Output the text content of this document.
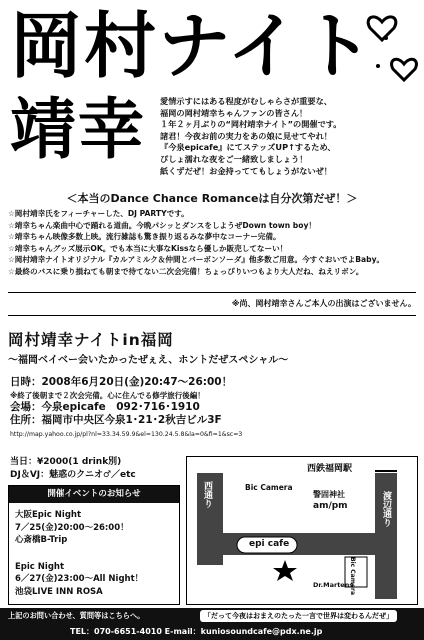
岡村ナイト
靖幸 愛情示すにはある程度がむしゃらさが重要な、
福岡の岡村靖幸ちゃんファンの皆さん！
１年２ヶ月ぶりの“岡村靖幸ナイト”の開催です。
諸君！今夜お前の実力をあの娘に見せてやれ！
『今泉epicafe』にてステッズUP↑するため、
ぴしょ濡れな夜をご一緒致しましょう！
紙くずだぜ！お金持っててもしょうがないぜ！
＜本当のDance Chance Romanceは自分次第だぜ！＞
☆岡村靖幸氏をフィーチャーした、DJ PARTYです。
☆靖幸ちゃん楽曲中心で踊れる道曲。今晩パシッとダンスをしようぜDown town boy！
☆靖幸ちゃん映像多数上映。流行雑誌も驚き振り返るみな夢中なコーナー完備。
☆靖幸ちゃんグッズ展示OK。でも本当に大事なKissなら優しか販売してなーい！
☆岡村靖幸ナイトオリジナル『カルアミルク＆仲間とバーボンソーダ』他多数ご用意。今すぐおいでよBaby。
☆最終のバスに乗り損ねても朝まで待てない二次会完備！ちょっぴりいつもより大人だね、ねえリボン。
※尚、岡村靖幸さんご本人の出演はございません。
岡村靖幸ナイトin福岡
〜福岡ベイベー会いたかったぜぇえ、ホントだぜスペシャル〜
日時：2008年6月20日(金)20:47〜26:00！
※終了後朝まで２次会完備。心に住んでる修学旅行後編！
会場：今泉epicafe　092･716･1910
住所：福岡市中央区今泉1･21･2秋吉ビル3F
http://map.yahoo.co.jp/pl?nl=33.34.59.9&el=130.24.5.8&la=0&fi=1&sc=3
当日：¥2000(1 drink別)
DJ＆VJ：魅惑のクニオ♂／etc
開催イベントのお知らせ
大阪Epic Night
7／25(金)20:00〜26:00！
心斎橋B-Trip
Epic Night
6／27(金)23:00〜All Night！
池袋LIVE INN ROSA
西鉄福岡駅
Bic Camera
西通り	警固神社
am/pm	渡辺通り
Kinko's
Bic Camera
epi cafe
Dr.Martens
上記のお問い合わせ、質問等はこちらへ。	「だって今夜はおまえのたった一言で世界は変わるんだぜ」
TEL：070-6651-4010 E-mail：kuniosoundcafe@pdx.ne.jp
